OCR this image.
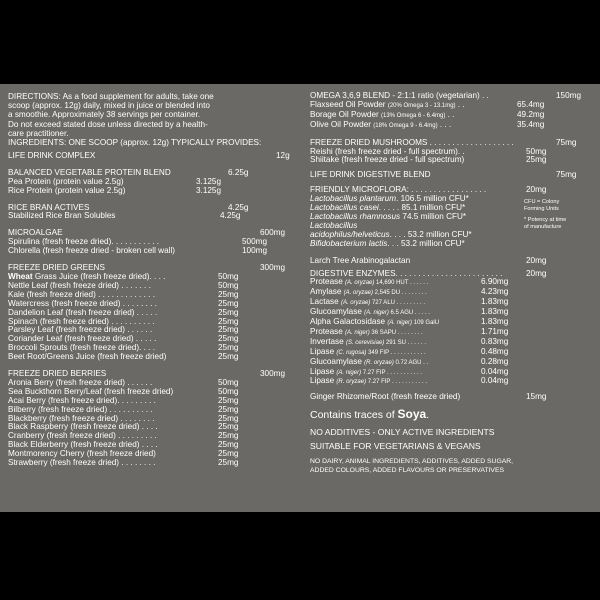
DIRECTIONS: As a food supplement for adults, take one
scoop (approx. 12g) daily, mixed in juice or blended into
a smoothie. Approximately 38 servings per container.
Do not exceed stated dose unless directed by a health-
care practitioner.

INGREDIENTS: ONE SCOOP (approx. 12g) TYPICALLY PROVIDES:
LIFE DRINK COMPLEX	12g
BALANCED VEGETABLE PROTEIN BLEND	6.25g
Pea Protein (protein value 2.5g)	3.125g
Rice Protein (protein value 2.5g)	3.125g
RICE BRAN ACTIVES	4.25g
Stabilized Rice Bran Solubles	4.25g
MICROALGAE	600mg
Spirulina (fresh freeze dried). . . . . . . . . . .	500mg
Chlorella (fresh freeze dried - broken cell wall)	100mg
FREEZE DRIED GREENS	300mg
Wheat Grass Juice (fresh freeze dried). . . .	50mg
Nettle Leaf (fresh freeze dried) . . . . . . .	50mg
Kale (fresh freeze dried) . . . . . . . . . . . . .	25mg
Watercress (fresh freeze dried) . . . . . . . .	25mg
Dandelion Leaf (fresh freeze dried) . . . . .	25mg
Spinach (fresh freeze dried) . . . . . . . . . .	25mg
Parsley Leaf (fresh freeze dried) . . . . . .	25mg
Coriander Leaf (fresh freeze dried) . . . . .	25mg
Broccoli Sprouts (fresh freeze dried). . . .	25mg
Beet Root/Greens Juice (fresh freeze dried)	25mg
FREEZE DRIED BERRIES	300mg
Aronia Berry (fresh freeze dried) . . . . . .	50mg
Sea Buckthorn Berry/Leaf (fresh freeze dried)	50mg
Acai Berry (fresh freeze dried). . . . . . . . .	25mg
Bilberry (fresh freeze dried) . . . . . . . . . .	25mg
Blackberry (fresh freeze dried) . . . . . . . .	25mg
Black Raspberry (fresh freeze dried) . . . .	25mg
Cranberry (fresh freeze dried) . . . . . . . . .	25mg
Black Elderberry (fresh freeze dried) . . . .	25mg
Montmorency Cherry (fresh freeze dried)	25mg
Strawberry (fresh freeze dried) . . . . . . . .	25mg
OMEGA 3,6,9 BLEND - 2:1:1 ratio (vegetarian) . .	150mg
Flaxseed Oil Powder (20% Omega 3 - 13.1mg) . .	65.4mg
Borage Oil Powder (13% Omega 6 - 6.4mg) . .	49.2mg
Olive Oil Powder (18% Omega 9 - 6.4mg) . . .	35.4mg
FREEZE DRIED MUSHROOMS . . . . . . . . . . . . . . . . . . .	75mg
Reishi (fresh freeze dried - full spectrum). .	50mg
Shiitake (fresh freeze dried - full spectrum)	25mg
LIFE DRINK DIGESTIVE BLEND	75mg
FRIENDLY MICROFLORA: . . . . . . . . . . . . . . . . .	20mg
Lactobacillus plantarum. 106.5 million CFU*
Lactobacillus casei. . . . . 85.1 million CFU*
Lactobacillus rhamnosus 74.5 million CFU*
Lactobacillus
acidophilus/helveticus. . . . 53.2 million CFU*
Bifidobacterium lactis. . . 53.2 million CFU*
CFU = Colony
Forming Units
* Potency at time
of manufacture
Larch Tree Arabinogalactan	20mg
DIGESTIVE ENZYMES. . . . . . . . . . . . . . . . . . . . . . . .	20mg
Protease (A. oryzae) 14,690 HUT . . . . . .	6.90mg
Amylase (A. oryzae) 2,545 DU . . . . . . . .	4.23mg
Lactase (A. oryzae) 727 ALU . . . . . . . . .	1.83mg
Glucoamylase (A. niger) 6.5 AGU . . . . .	1.83mg
Alpha Galactosidase (A. niger) 109 GalU	1.83mg
Protease (A. niger) 36 SAPU . . . . . . . .	1.71mg
Invertase (S. cerevisiae) 291 SU . . . . . .	0.83mg
Lipase (C. rugosa) 349 FIP . . . . . . . . . . .	0.48mg
Glucoamylase (R. oryzae) 0.72 AGU . .	0.28mg
Lipase (A. niger) 7.27 FIP . . . . . . . . . . .	0.04mg
Lipase (R. oryzae) 7.27 FIP . . . . . . . . . . .	0.04mg
Ginger Rhizome/Root (fresh freeze dried)	15mg
Contains traces of Soya.
NO ADDITIVES - ONLY ACTIVE INGREDIENTS
SUITABLE FOR VEGETARIANS & VEGANS
NO DAIRY, ANIMAL INGREDIENTS, ADDITIVES, ADDED SUGAR,
ADDED COLOURS, ADDED FLAVOURS OR PRESERVATIVES
